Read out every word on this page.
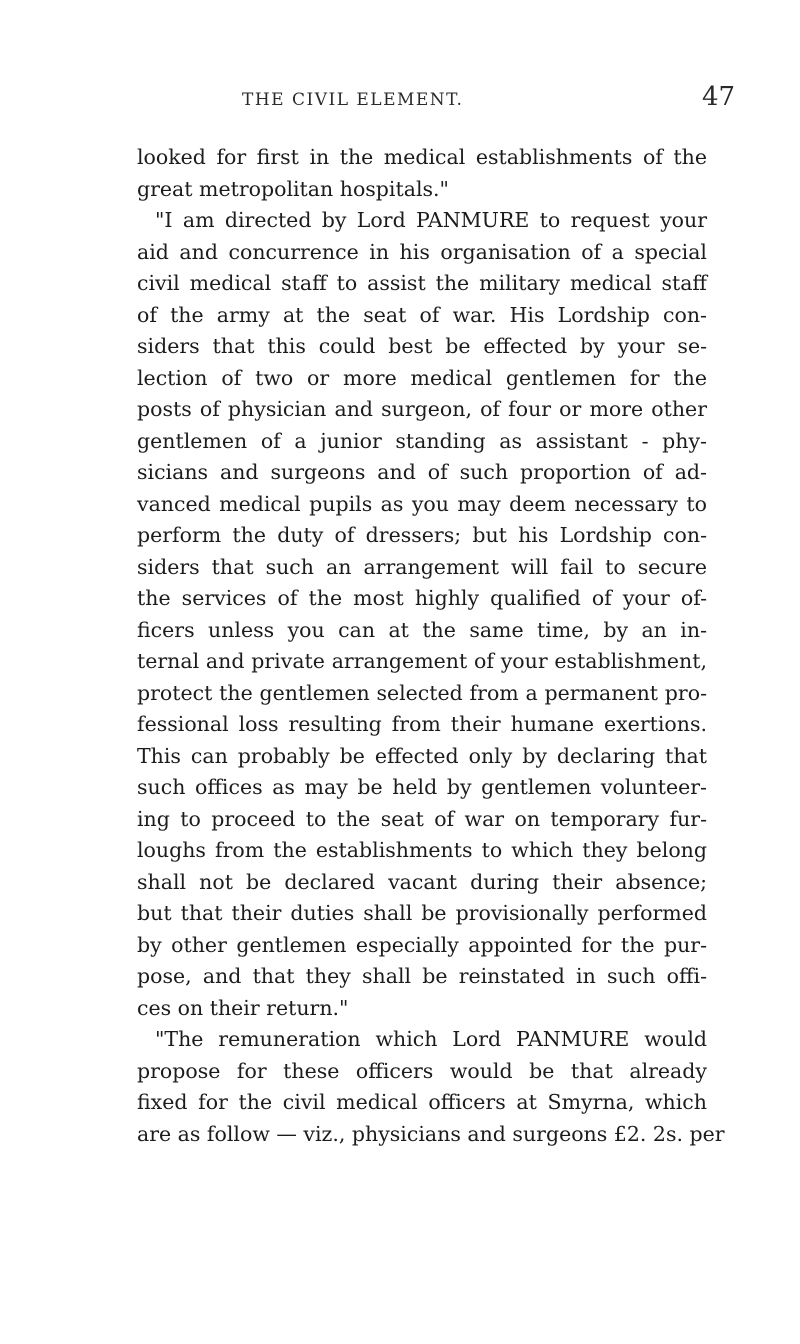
THE CIVIL ELEMENT.	47
looked for first in the medical establishments of the
great metropolitan hospitals."
"I am directed by Lord PANMURE to request your
aid and concurrence in his organisation of a special
civil medical staff to assist the military medical staff
of the army at the seat of war. His Lordship con-
siders that this could best be effected by your se-
lection of two or more medical gentlemen for the
posts of physician and surgeon, of four or more other
gentlemen of a junior standing as assistant - phy-
sicians and surgeons and of such proportion of ad-
vanced medical pupils as you may deem necessary to
perform the duty of dressers; but his Lordship con-
siders that such an arrangement will fail to secure
the services of the most highly qualified of your of-
ficers unless you can at the same time, by an in-
ternal and private arrangement of your establishment,
protect the gentlemen selected from a permanent pro-
fessional loss resulting from their humane exertions.
This can probably be effected only by declaring that
such offices as may be held by gentlemen volunteer-
ing to proceed to the seat of war on temporary fur-
loughs from the establishments to which they belong
shall not be declared vacant during their absence;
but that their duties shall be provisionally performed
by other gentlemen especially appointed for the pur-
pose, and that they shall be reinstated in such offi-
ces on their return."
"The remuneration which Lord PANMURE would
propose for these officers would be that already
fixed for the civil medical officers at Smyrna, which
are as follow — viz., physicians and surgeons £2. 2s. per
